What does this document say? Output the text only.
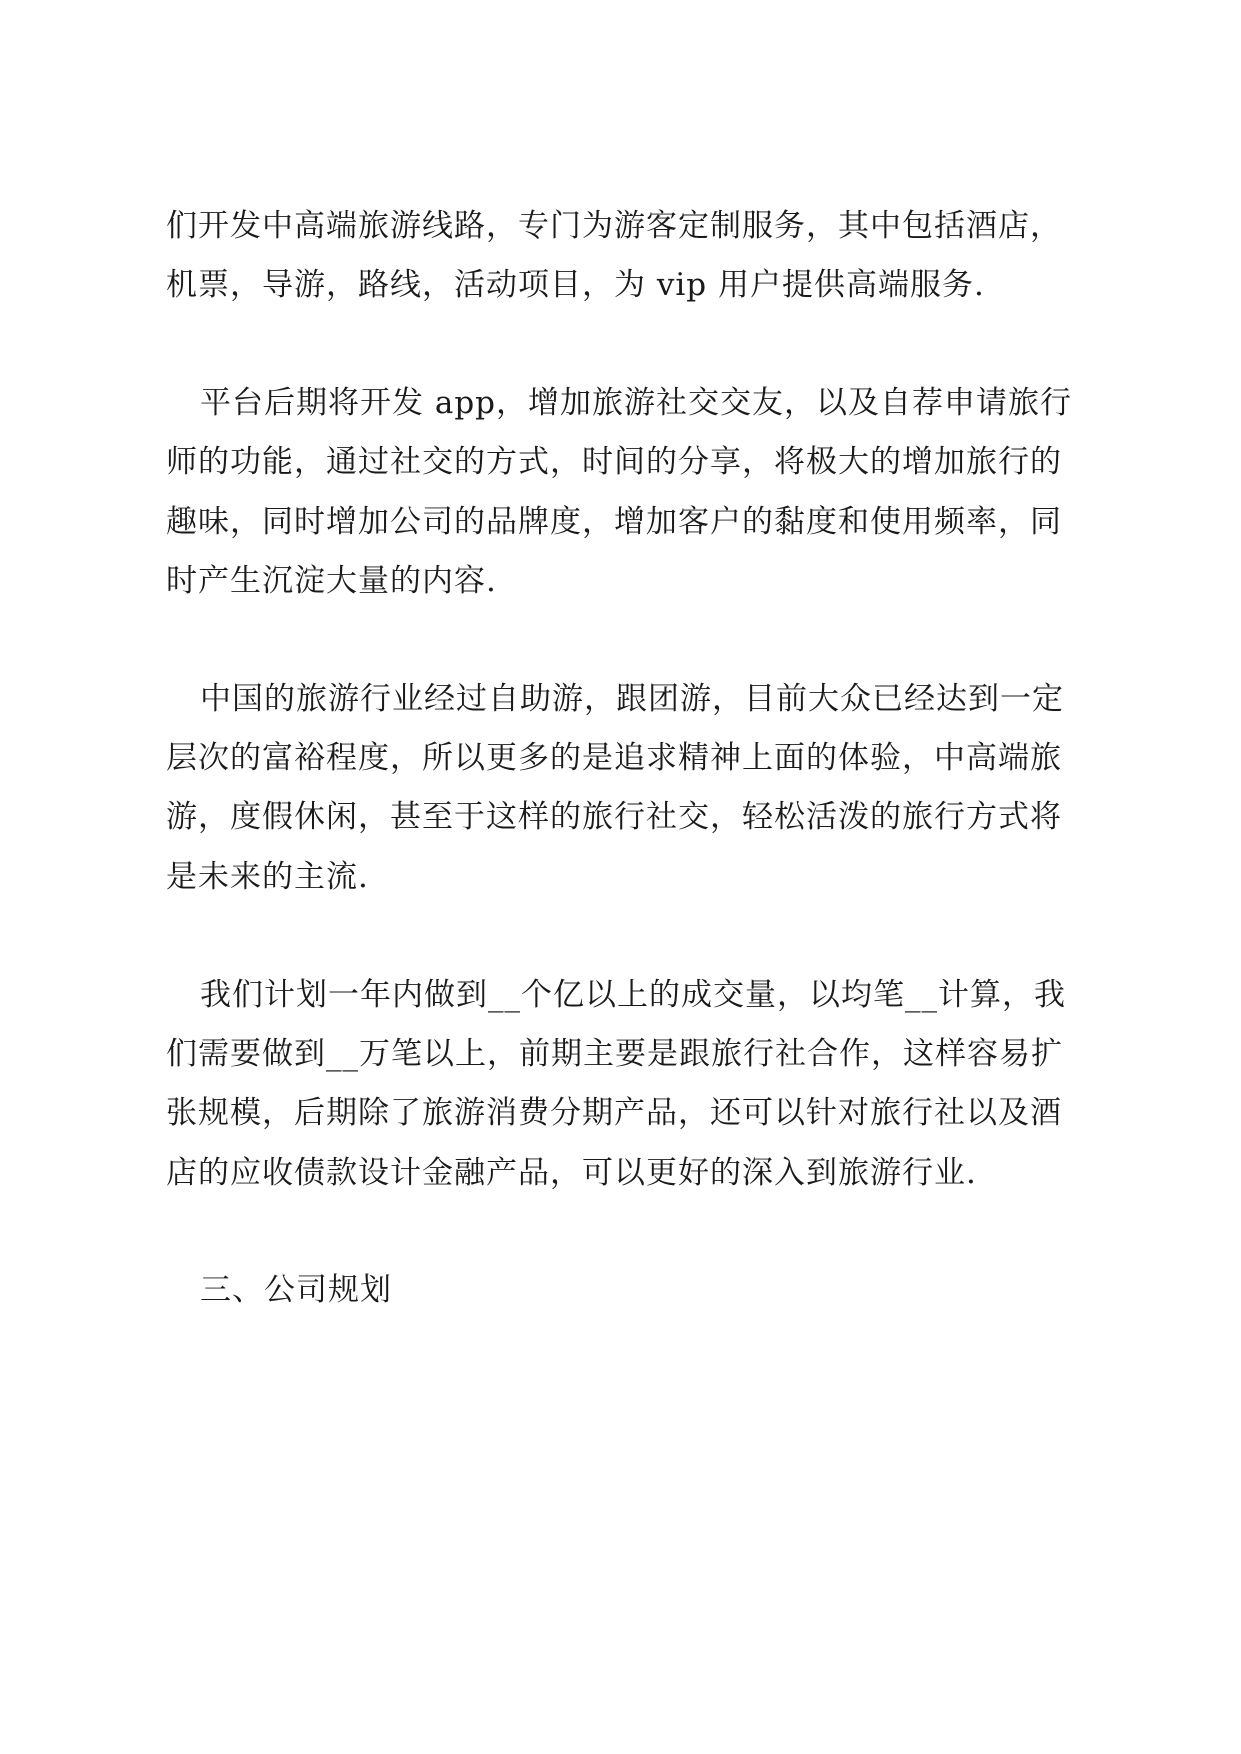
们开发中高端旅游线路，专门为游客定制服务，其中包括酒店，
机票，导游，路线，活动项目，为 vip 用户提供高端服务.
平台后期将开发 app，增加旅游社交交友，以及自荐申请旅行
师的功能，通过社交的方式，时间的分享，将极大的增加旅行的
趣味，同时增加公司的品牌度，增加客户的黏度和使用频率，同
时产生沉淀大量的内容.
中国的旅游行业经过自助游，跟团游，目前大众已经达到一定
层次的富裕程度，所以更多的是追求精神上面的体验，中高端旅
游，度假休闲，甚至于这样的旅行社交，轻松活泼的旅行方式将
是未来的主流.
我们计划一年内做到__个亿以上的成交量，以均笔__计算，我
们需要做到__万笔以上，前期主要是跟旅行社合作，这样容易扩
张规模，后期除了旅游消费分期产品，还可以针对旅行社以及酒
店的应收债款设计金融产品，可以更好的深入到旅游行业.
三、公司规划
